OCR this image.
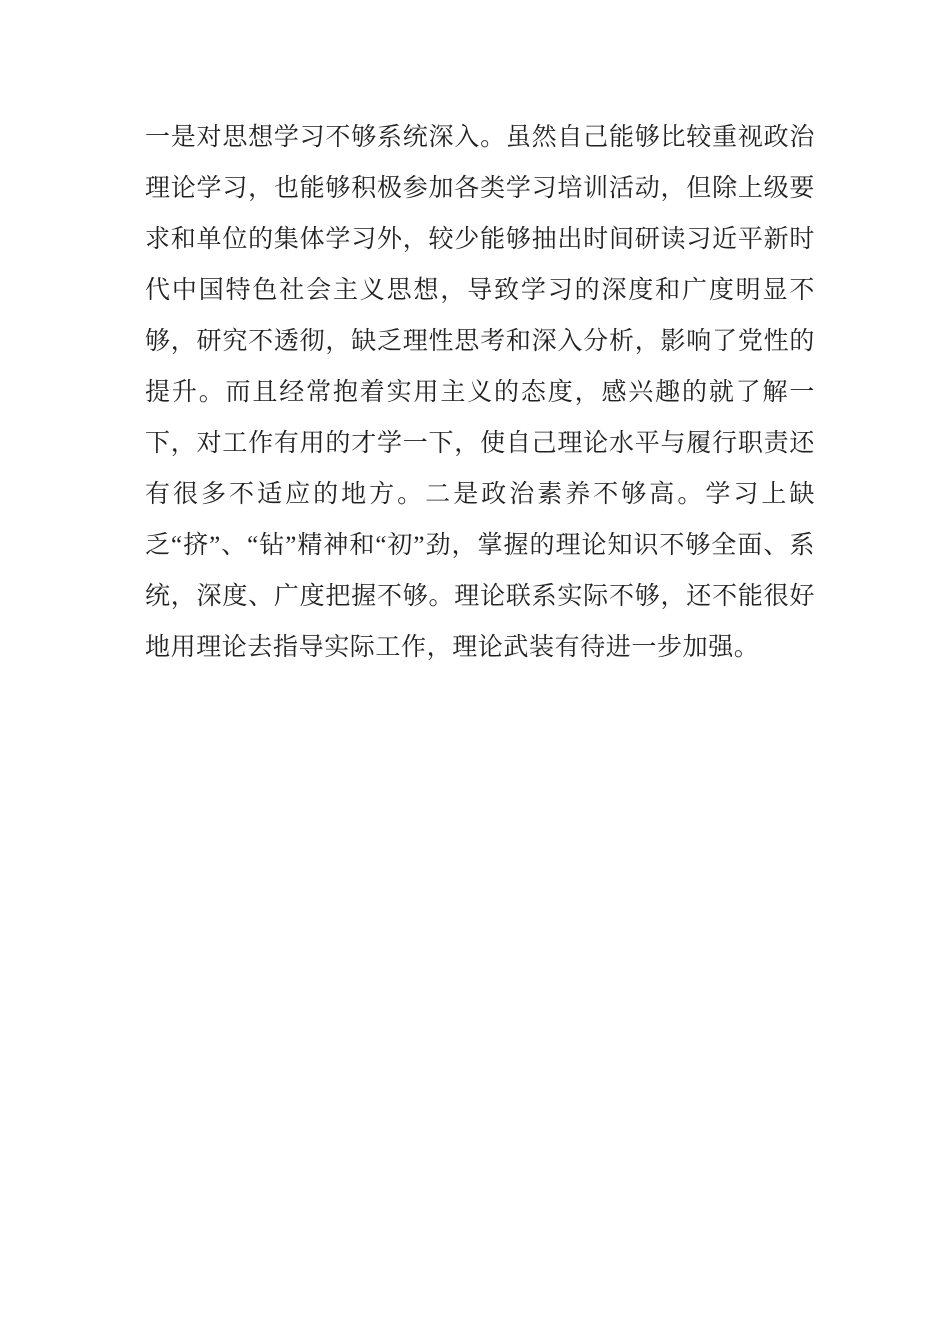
一是对思想学习不够系统深入。虽然自己能够比较重视政治理论学习，也能够积极参加各类学习培训活动，但除上级要求和单位的集体学习外，较少能够抽出时间研读习近平新时代中国特色社会主义思想，导致学习的深度和广度明显不够，研究不透彻，缺乏理性思考和深入分析，影响了党性的提升。而且经常抱着实用主义的态度，感兴趣的就了解一下，对工作有用的才学一下，使自己理论水平与履行职责还有很多不适应的地方。二是政治素养不够高。学习上缺乏“挤”、“钻”精神和“初”劲，掌握的理论知识不够全面、系统，深度、广度把握不够。理论联系实际不够，还不能很好地用理论去指导实际工作，理论武装有待进一步加强。
